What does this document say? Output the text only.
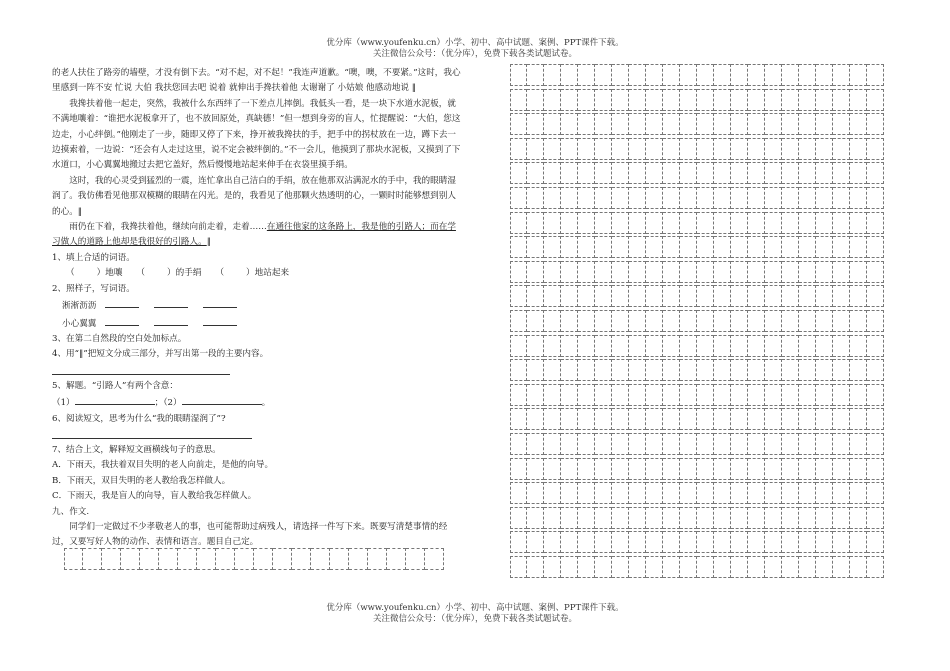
优分库（www.youfenku.cn）小学、初中、高中试题、案例、PPT课件下载。
关注微信公众号：（优分库），免费下载各类试题试卷。

的老人扶住了路旁的墙壁，才没有倒下去。“对不起，对不起！”我连声道歉。“噢，噢，不要紧。”这时，我心里感到一阵不安 忙说 大伯 我扶您回去吧 说着 就伸出手搀扶着他 太谢谢了 小姑娘 他感动地说 ‖

我搀扶着他一起走，突然，我被什么东西绊了一下差点儿摔倒。我低头一看，是一块下水道水泥板，就不满地嚷着：“谁把水泥板拿开了，也不放回原处，真缺德！”但一想到身旁的盲人，忙提醒说：“大伯，您这边走，小心绊倒。”他刚走了一步，随即又停了下来，挣开被我搀扶的手，把手中的拐杖放在一边，蹲下去一边摸索着，一边说：“还会有人走过这里，说不定会被绊倒的。”不一会儿，他摸到了那块水泥板，又摸到了下水道口，小心翼翼地搬过去把它盖好，然后慢慢地站起来伸手在衣袋里摸手绢。

这时，我的心灵受到猛烈的一震，连忙拿出自己洁白的手绢，放在他那双沾满泥水的手中，我的眼睛湿润了。我仿佛看见他那双模糊的眼睛在闪光。是的，我看见了他那颗火热透明的心，一颗时时能够想到别人的心。‖

雨仍在下着，我搀扶着他，继续向前走着，走着……在通往他家的这条路上，我是他的引路人；而在学习做人的道路上他却是我很好的引路人。‖

1、填上合适的词语。

（	）地嚷 （	）的手绢 （	）地站起来

2、照样子，写词语。

淅淅沥沥

小心翼翼

3、在第二自然段的空白处加标点。

4、用“‖”把短文分成三部分，并写出第一段的主要内容。

5、解题。“引路人”有两个含意：

（1）	；（2）	。

6、阅读短文，思考为什么“我的眼睛湿润了”?

7、结合上文，解释短文画横线句子的意思。

A．下雨天，我扶着双目失明的老人向前走，是他的向导。

B．下雨天，双目失明的老人教给我怎样做人。

C．下雨天，我是盲人的向导，盲人教给我怎样做人。

九、作文.

同学们一定做过不少孝敬老人的事，也可能帮助过病残人，请选择一件写下来。既要写清楚事情的经过，又要写好人物的动作、表情和语言。题目自己定。

优分库（www.youfenku.cn）小学、初中、高中试题、案例、PPT课件下载。
关注微信公众号：（优分库），免费下载各类试题试卷。
